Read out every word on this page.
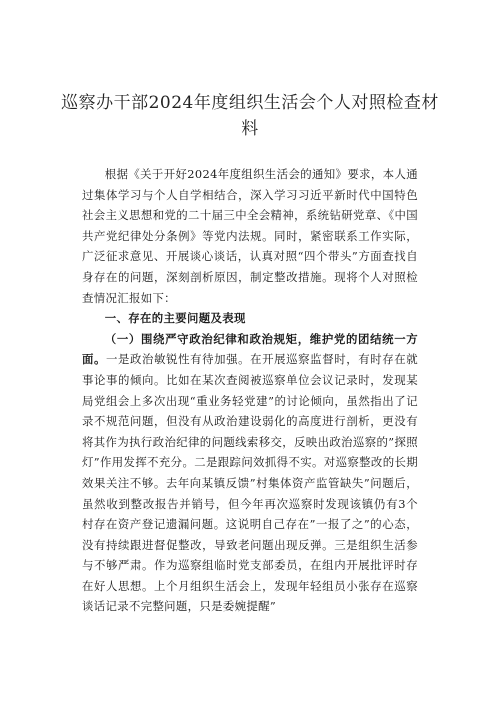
巡察办干部2024年度组织生活会个人对照检查材料

根据《关于开好2024年度组织生活会的通知》要求，本人通过集体学习与个人自学相结合，深入学习习近平新时代中国特色社会主义思想和党的二十届三中全会精神，系统钻研党章、《中国共产党纪律处分条例》等党内法规。同时，紧密联系工作实际，广泛征求意见、开展谈心谈话，认真对照“四个带头”方面查找自身存在的问题，深刻剖析原因，制定整改措施。现将个人对照检查情况汇报如下：

一、存在的主要问题及表现

（一）围绕严守政治纪律和政治规矩，维护党的团结统一方面。一是政治敏锐性有待加强。在开展巡察监督时，有时存在就事论事的倾向。比如在某次查阅被巡察单位会议记录时，发现某局党组会上多次出现“重业务轻党建”的讨论倾向，虽然指出了记录不规范问题，但没有从政治建设弱化的高度进行剖析，更没有将其作为执行政治纪律的问题线索移交，反映出政治巡察的”探照灯”作用发挥不充分。二是跟踪问效抓得不实。对巡察整改的长期效果关注不够。去年向某镇反馈”村集体资产监管缺失”问题后，虽然收到整改报告并销号，但今年再次巡察时发现该镇仍有3个村存在资产登记遗漏问题。这说明自己存在”一报了之”的心态，没有持续跟进督促整改，导致老问题出现反弹。三是组织生活参与不够严肃。作为巡察组临时党支部委员，在组内开展批评时存在好人思想。上个月组织生活会上，发现年轻组员小张存在巡察谈话记录不完整问题，只是委婉提醒”
